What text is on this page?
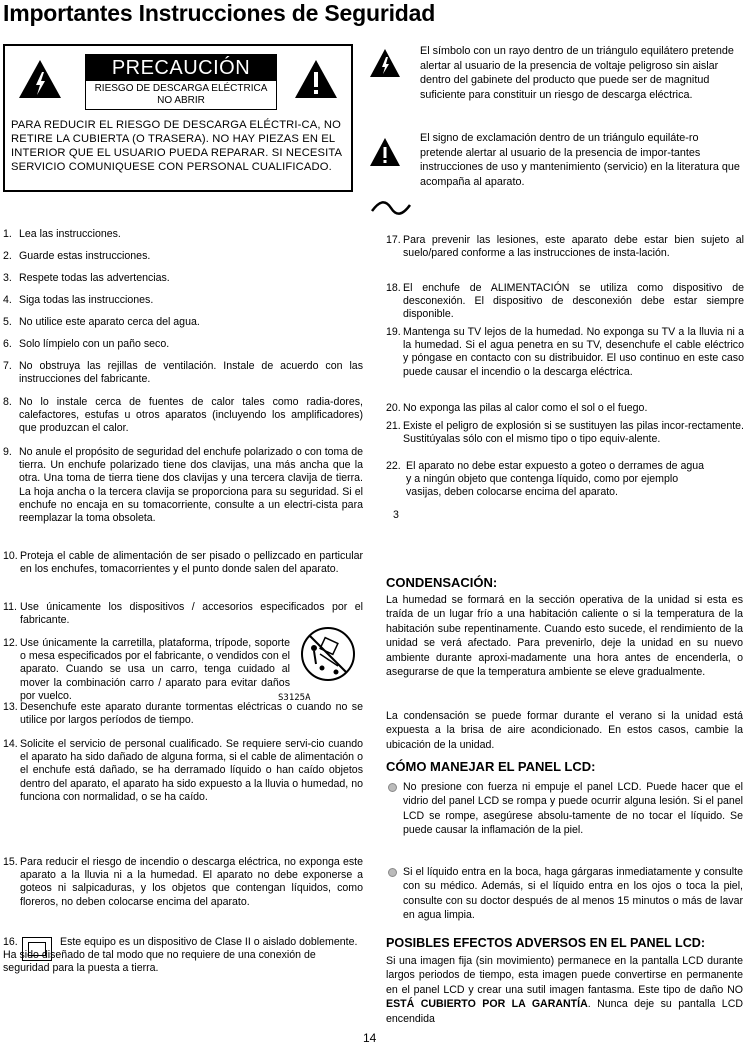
Importantes Instrucciones de Seguridad
PRECAUCIÓN
RIESGO DE DESCARGA ELÉCTRICA
NO ABRIR
PARA REDUCIR EL RIESGO DE DESCARGA ELÉCTRI-CA, NO RETIRE LA CUBIERTA (O TRASERA). NO HAY PIEZAS EN EL INTERIOR QUE EL USUARIO PUEDA REPARAR. SI NECESITA SERVICIO COMUNIQUESE CON PERSONAL CUALIFICADO.
El símbolo con un rayo dentro de un triángulo equilátero pretende alertar al usuario de la presencia de voltaje peligroso sin aislar dentro del gabinete del producto que puede ser de magnitud suficiente para constituir un riesgo de descarga eléctrica.
El signo de exclamación dentro de un triángulo equiláte-ro pretende alertar al usuario de la presencia de impor-tantes instrucciones de uso y mantenimiento (servicio) en la literatura que acompaña al aparato.
1. Lea las instrucciones.
2. Guarde estas instrucciones.
3. Respete todas las advertencias.
4. Siga todas las instrucciones.
5. No utilice este aparato cerca del agua.
6. Solo límpielo con un paño seco.
7. No obstruya las rejillas de ventilación. Instale de acuerdo con las instrucciones del fabricante.
8. No lo instale cerca de fuentes de calor tales como radia-dores, calefactores, estufas u otros aparatos (incluyendo los amplificadores) que produzcan el calor.
9. No anule el propósito de seguridad del enchufe polarizado o con toma de tierra. Un enchufe polarizado tiene dos clavijas, una más ancha que la otra. Una toma de tierra tiene dos clavijas y una tercera clavija de tierra. La hoja ancha o la tercera clavija se proporciona para su seguridad. Si el enchufe no encaja en su tomacorriente, consulte a un electri-cista para reemplazar la toma obsoleta.
10. Proteja el cable de alimentación de ser pisado o pellizcado en particular en los enchufes, tomacorrientes y el punto donde salen del aparato.
11. Use únicamente los dispositivos / accesorios especificados por el fabricante.
12. Use únicamente la carretilla, plataforma, trípode, soporte o mesa especificados por el fabricante, o vendidos con el aparato. Cuando se usa un carro, tenga cuidado al mover la combinación carro / aparato para evitar daños por vuelco.
13. Desenchufe este aparato durante tormentas eléctricas o cuando no se utilice por largos períodos de tiempo.
14. Solicite el servicio de personal cualificado. Se requiere servi-cio cuando el aparato ha sido dañado de alguna forma, si el cable de alimentación o el enchufe está dañado, se ha derramado líquido o han caído objetos dentro del aparato, el aparato ha sido expuesto a la lluvia o humedad, no funciona con normalidad, o se ha caído.
15. Para reducir el riesgo de incendio o descarga eléctrica, no exponga este aparato a la lluvia ni a la humedad. El aparato no debe exponerse a goteos ni salpicaduras, y los objetos que contengan líquidos, como floreros, no deben colocarse encima del aparato.
16.	Este equipo es un dispositivo de Clase II o aislado doblemente. Ha sido diseñado de tal modo que no requiere de una conexión de seguridad para la puesta a tierra.
S3125A
17. Para prevenir las lesiones, este aparato debe estar bien sujeto al suelo/pared conforme a las instrucciones de insta-lación.
18. El enchufe de ALIMENTACIÓN se utiliza como dispositivo de desconexión. El dispositivo de desconexión debe estar siempre disponible.
19. Mantenga su TV lejos de la humedad. No exponga su TV a la lluvia ni a la humedad. Si el agua penetra en su TV, desenchufe el cable eléctrico y póngase en contacto con su distribuidor. El uso continuo en este caso puede causar el incendio o la descarga eléctrica.
20. No exponga las pilas al calor como el sol o el fuego.
21. Existe el peligro de explosión si se sustituyen las pilas incor-rectamente. Sustitúyalas sólo con el mismo tipo o tipo equiv-alente.
22. El aparato no debe estar expuesto a goteo o derrames de agua y a ningún objeto que contenga líquido, como por ejemplo vasijas, deben colocarse encima del aparato.
3
CONDENSACIÓN:
La humedad se formará en la sección operativa de la unidad si esta es traída de un lugar frío a una habitación caliente o si la temperatura de la habitación sube repentinamente. Cuando esto sucede, el rendimiento de la unidad se verá afectado. Para prevenirlo, deje la unidad en su nuevo ambiente durante aproxi-madamente una hora antes de encenderla, o asegurarse de que la temperatura ambiente se eleve gradualmente.
La condensación se puede formar durante el verano si la unidad está expuesta a la brisa de aire acondicionado. En estos casos, cambie la ubicación de la unidad.
CÓMO MANEJAR EL PANEL LCD:
No presione con fuerza ni empuje el panel LCD. Puede hacer que el vidrio del panel LCD se rompa y puede ocurrir alguna lesión. Si el panel LCD se rompe, asegúrese absolu-tamente de no tocar el líquido. Se puede causar la inflamación de la piel.
Si el líquido entra en la boca, haga gárgaras inmediatamente y consulte con su médico. Además, si el líquido entra en los ojos o toca la piel, consulte con su doctor después de al menos 15 minutos o más de lavar en agua limpia.
POSIBLES EFECTOS ADVERSOS EN EL PANEL LCD:
Si una imagen fija (sin movimiento) permanece en la pantalla LCD durante largos periodos de tiempo, esta imagen puede convertirse en permanente en el panel LCD y crear una sutil imagen fantasma. Este tipo de daño NO ESTÁ CUBIERTO POR LA GARANTÍA. Nunca deje su pantalla LCD encendida
14
